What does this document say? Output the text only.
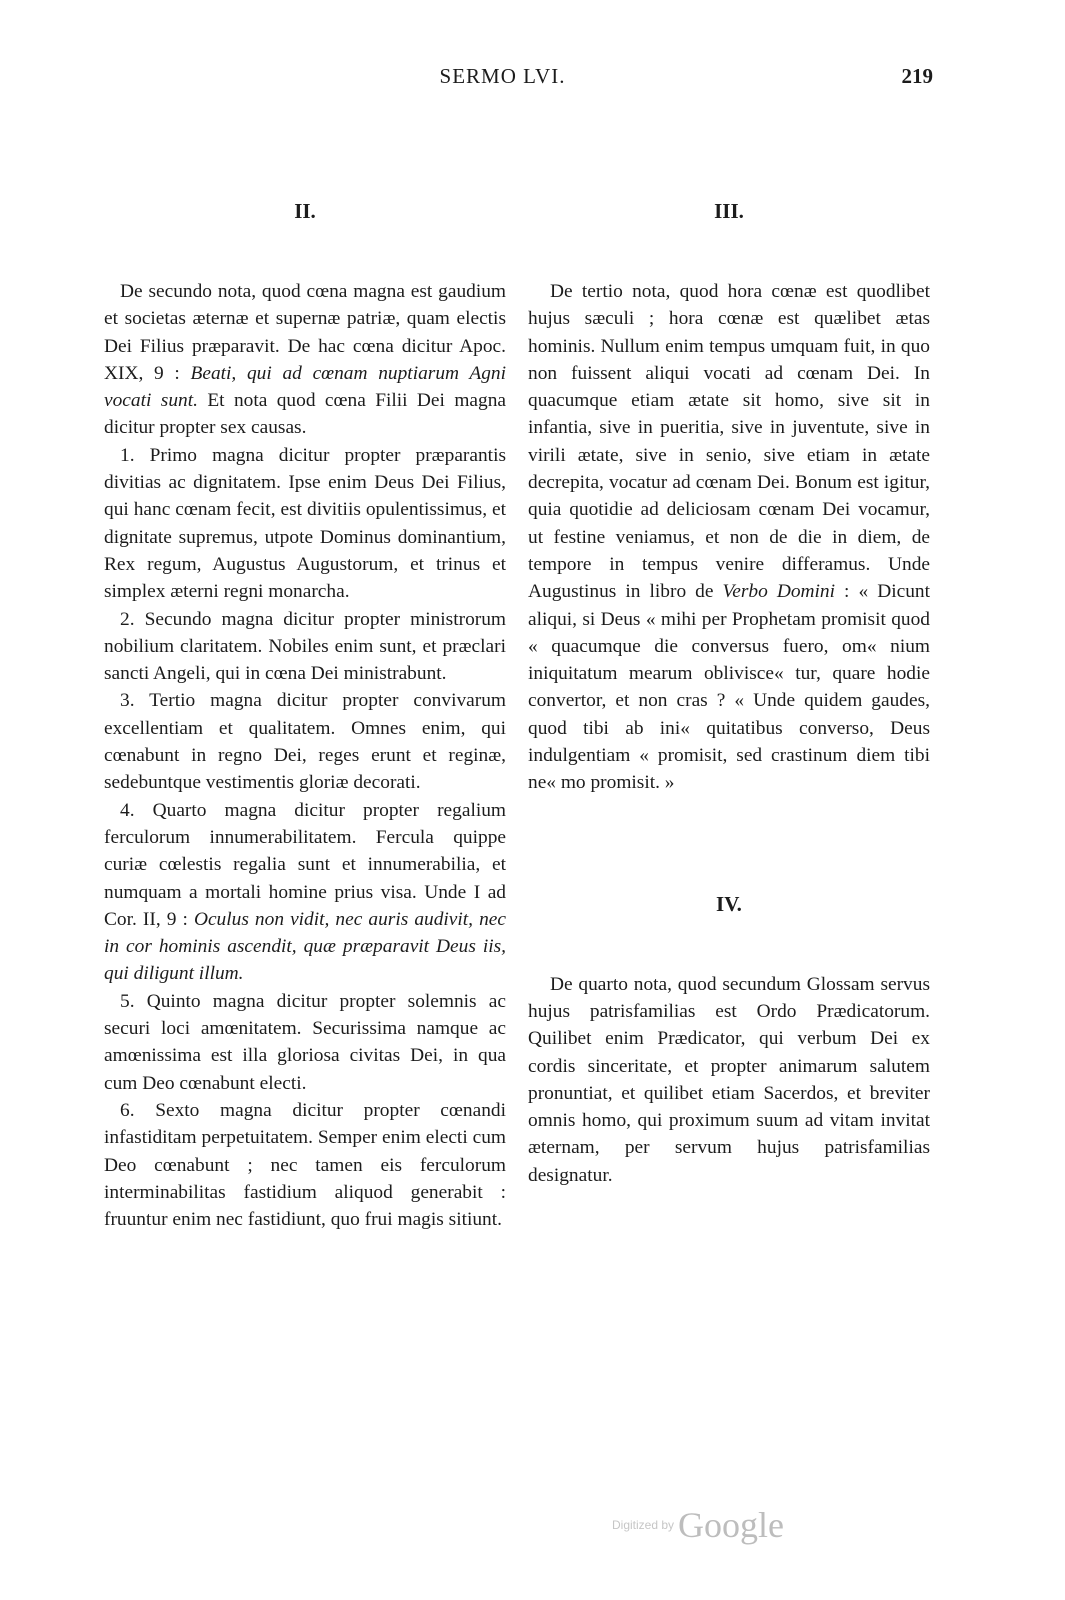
SERMO LVI.	219
II.

De secundo nota, quod cœna magna est gaudium et societas æternæ et supernæ patriæ, quam electis Dei Filius præparavit. De hac cœna dicitur Apoc. XIX, 9 : Beati, qui ad cœnam nuptiarum Agni vocati sunt. Et nota quod cœna Filii Dei magna dicitur propter sex causas.

1. Primo magna dicitur propter præparantis divitias ac dignitatem. Ipse enim Deus Dei Filius, qui hanc cœnam fecit, est divitiis opulentissimus, et dignitate supremus, utpote Dominus dominantium, Rex regum, Augustus Augustorum, et trinus et simplex æterni regni monarcha.

2. Secundo magna dicitur propter ministrorum nobilium claritatem. Nobiles enim sunt, et præclari sancti Angeli, qui in cœna Dei ministrabunt.

3. Tertio magna dicitur propter convivarum excellentiam et qualitatem. Omnes enim, qui cœnabunt in regno Dei, reges erunt et reginæ, sedebuntque vestimentis gloriæ decorati.

4. Quarto magna dicitur propter regalium ferculorum innumerabilitatem. Fercula quippe curiæ cœlestis regalia sunt et innumerabilia, et numquam a mortali homine prius visa. Unde I ad Cor. II, 9 : Oculus non vidit, nec auris audivit, nec in cor hominis ascendit, quæ præparavit Deus iis, qui diligunt illum.

5. Quinto magna dicitur propter solemnis ac securi loci amœnitatem. Securissima namque ac amœnissima est illa gloriosa civitas Dei, in qua cum Deo cœnabunt electi.

6. Sexto magna dicitur propter cœnandi infastiditam perpetuitatem. Semper enim electi cum Deo cœnabunt ; nec tamen eis ferculorum interminabilitas fastidium aliquod generabit : fruuntur enim nec fastidiunt, quo frui magis sitiunt.

III.

De tertio nota, quod hora cœnæ est quodlibet hujus sæculi ; hora cœnæ est quælibet ætas hominis. Nullum enim tempus umquam fuit, in quo non fuissent aliqui vocati ad cœnam Dei. In quacumque etiam ætate sit homo, sive sit in infantia, sive in pueritia, sive in juventute, sive in virili ætate, sive in senio, sive etiam in ætate decrepita, vocatur ad cœnam Dei. Bonum est igitur, quia quotidie ad deliciosam cœnam Dei vocamur, ut festine veniamus, et non de die in diem, de tempore in tempus venire differamus. Unde Augustinus in libro de Verbo Domini : « Dicunt aliqui, si Deus « mihi per Prophetam promisit quod « quacumque die conversus fuero, om« nium iniquitatum mearum oblivisce« tur, quare hodie convertor, et non cras ? « Unde quidem gaudes, quod tibi ab ini« quitatibus converso, Deus indulgentiam « promisit, sed crastinum diem tibi ne« mo promisit. »

IV.

De quarto nota, quod secundum Glossam servus hujus patrisfamilias est Ordo Prædicatorum. Quilibet enim Prædicator, qui verbum Dei ex cordis sinceritate, et propter animarum salutem pronuntiat, et quilibet etiam Sacerdos, et breviter omnis homo, qui proximum suum ad vitam invitat æternam, per servum hujus patrisfamilias designatur.

Digitized by Google
